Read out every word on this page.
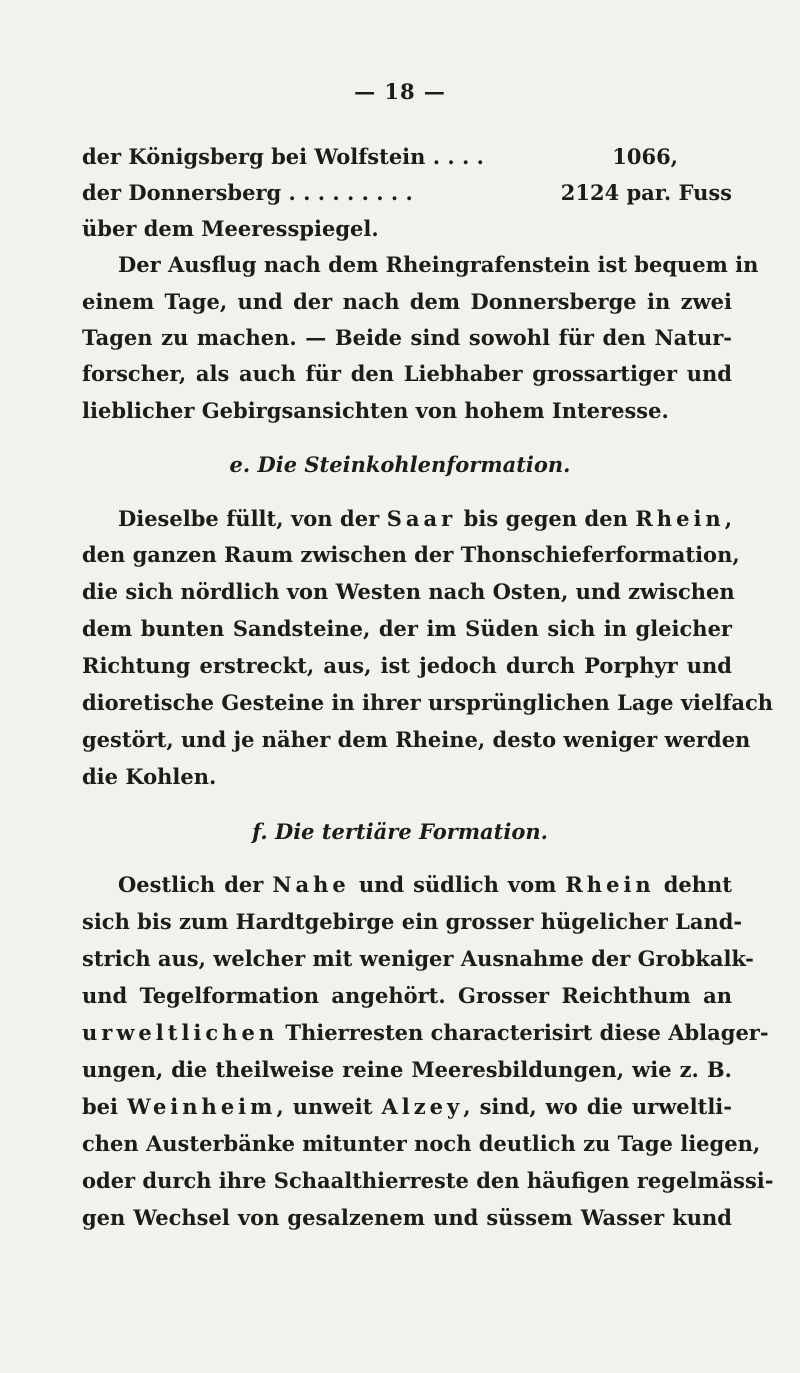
— 18 —
der Königsberg bei Wolfstein . . . .	1066,
der Donnersberg . . . . . . . . .	2124 par. Fuss
über dem Meeresspiegel.
Der Ausflug nach dem Rheingrafenstein ist bequem in
einem Tage, und der nach dem Donnersberge in zwei
Tagen zu machen. — Beide sind sowohl für den Natur-
forscher, als auch für den Liebhaber grossartiger und
lieblicher Gebirgsansichten von hohem Interesse.
e. Die Steinkohlenformation.
Dieselbe füllt, von der Saar bis gegen den Rhein,
den ganzen Raum zwischen der Thonschieferformation,
die sich nördlich von Westen nach Osten, und zwischen
dem bunten Sandsteine, der im Süden sich in gleicher
Richtung erstreckt, aus, ist jedoch durch Porphyr und
dioretische Gesteine in ihrer ursprünglichen Lage vielfach
gestört, und je näher dem Rheine, desto weniger werden
die Kohlen.
f. Die tertiäre Formation.
Oestlich der Nahe und südlich vom Rhein dehnt
sich bis zum Hardtgebirge ein grosser hügelicher Land-
strich aus, welcher mit weniger Ausnahme der Grobkalk-
und Tegelformation angehört. Grosser Reichthum an
urweltlichen Thierresten characterisirt diese Ablager-
ungen, die theilweise reine Meeresbildungen, wie z. B.
bei Weinheim, unweit Alzey, sind, wo die urweltli-
chen Austerbänke mitunter noch deutlich zu Tage liegen,
oder durch ihre Schaalthierreste den häufigen regelmässi-
gen Wechsel von gesalzenem und süssem Wasser kund
